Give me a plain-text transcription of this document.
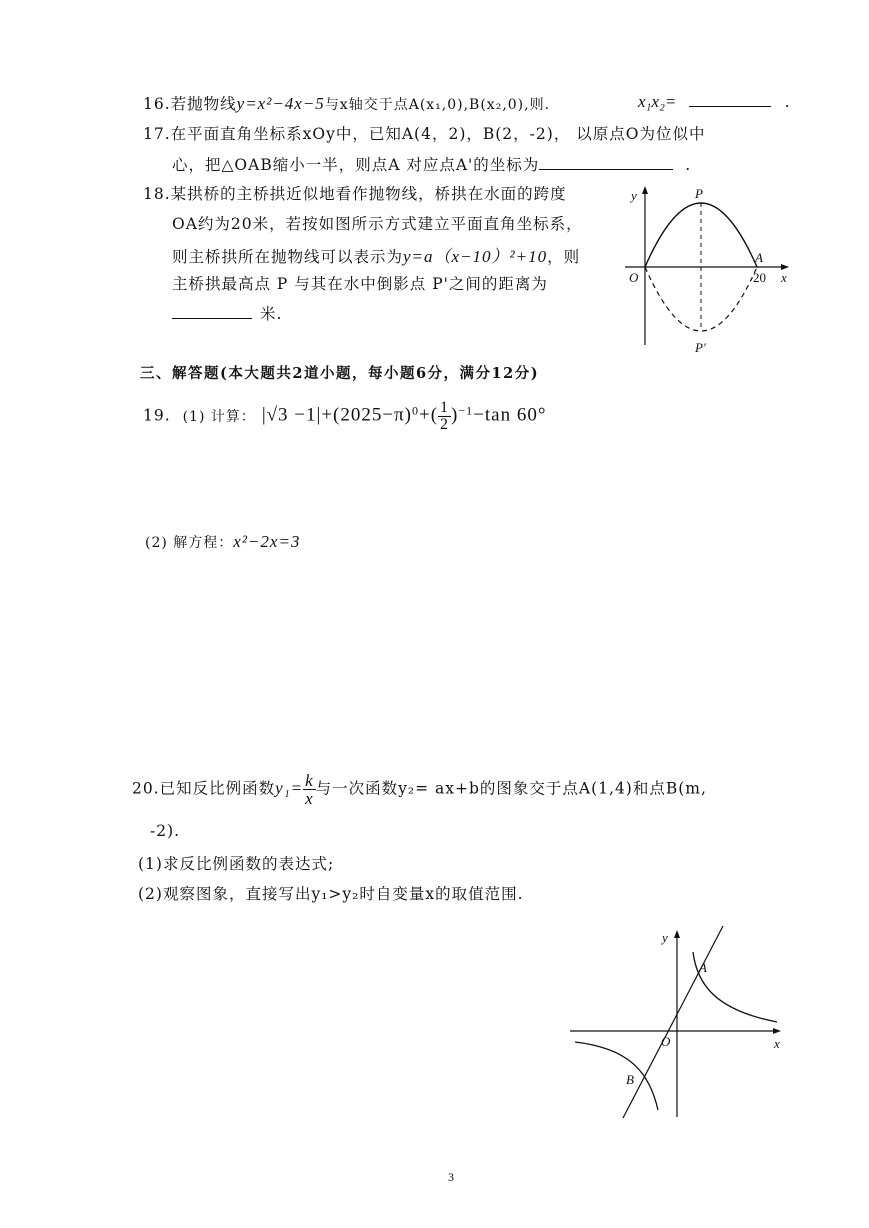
16.若抛物线y=x²−4x−5与x轴交于点A(x₁,0),B(x₂,0),则.	x₁x₂=	.
17.在平面直角坐标系xOy中，已知A(4，2)，B(2，-2)， 以原点O为位似中
心，把△OAB缩小一半，则点A 对应点A'的坐标为	.
18.某拱桥的主桥拱近似地看作抛物线，桥拱在水面的跨度
OA约为20米，若按如图所示方式建立平面直角坐标系，
则主桥拱所在抛物线可以表示为y=a（x−10）²+10，则
主桥拱最高点 P 与其在水中倒影点 P'之间的距离为
米.
y
x
O
P
A
20
P′
三、解答题(本大题共2道小题，每小题6分，满分12分)
19. (1) 计算： $|√3 -1|+(2025-\pi)^0+( \frac{1}{2} )^{-1}-\tan$ 60°
(2) 解方程：x²−2x=3
20.已知反比例函数$y_1= \frac{k}{x}$ 与一次函数y₂= ax+b的图象交于点A(1,4)和点B(m,
-2).
(1)求反比例函数的表达式;
(2)观察图象，直接写出y₁>y₂时自变量x的取值范围.
y
x
O
A
B
3
